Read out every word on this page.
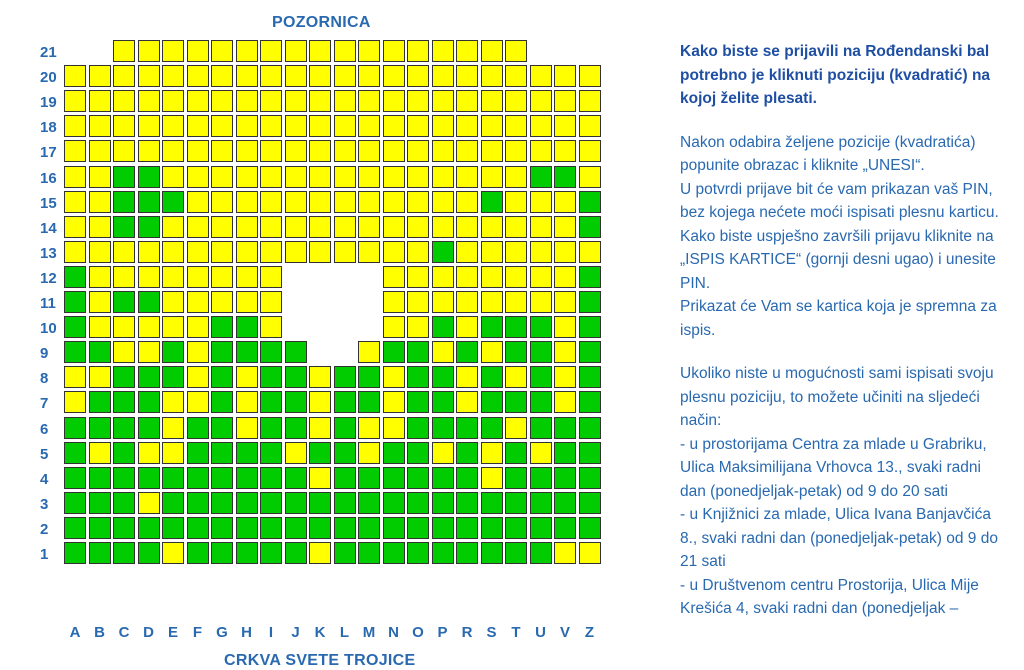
POZORNICA
21
20
19
18
17
16
15
14
13
12
11
10
9
8
7
6
5
4
3
2
1
A B C D E F G H	I	J K L M N O P R S T U V Z
CRKVA SVETE TROJICE

Kako biste se prijavili na Rođendanski bal potrebno je kliknuti poziciju (kvadratić) na kojoj želite plesati.

Nakon odabira željene pozicije (kvadratića) popunite obrazac i kliknite „UNESI“.

U potvrdi prijave bit će vam prikazan vaš PIN, bez kojega nećete moći ispisati plesnu karticu.

Kako biste uspješno završili prijavu kliknite na „ISPIS KARTICE“ (gornji desni ugao) i unesite PIN.

Prikazat će Vam se kartica koja je spremna za ispis.

Ukoliko niste u mogućnosti sami ispisati svoju plesnu poziciju, to možete učiniti na sljedeći način:

- u prostorijama Centra za mlade u Grabriku, Ulica Maksimilijana Vrhovca 13., svaki radni dan (ponedjeljak-petak) od 9 do 20 sati

- u Knjižnici za mlade, Ulica Ivana Banjavčića 8., svaki radni dan (ponedjeljak-petak) od 9 do 21 sati

- u Društvenom centru Prostorija, Ulica Mije Krešića 4, svaki radni dan (ponedjeljak –
